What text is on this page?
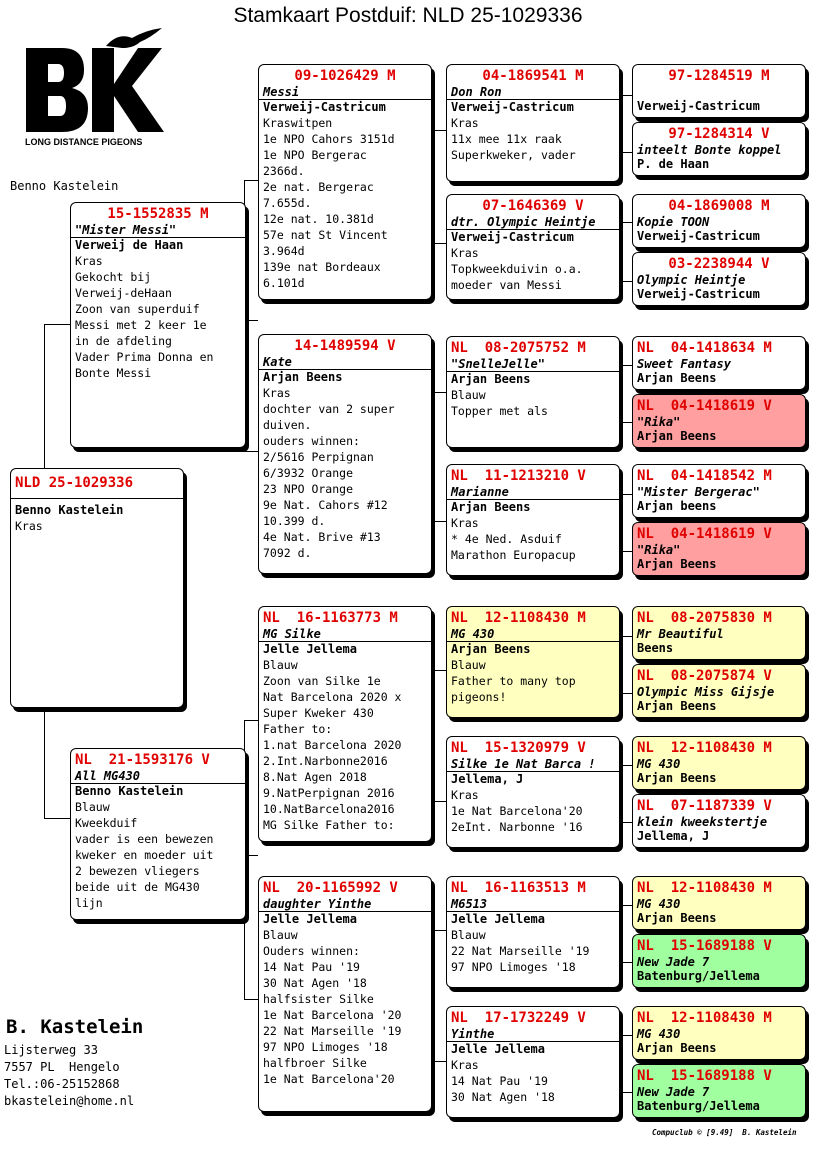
Stamkaart Postduif: NLD 25-1029336
LONG DISTANCE PIGEONS
Benno Kastelein
NLD 25-1029336
Benno Kastelein
Kras
15-1552835 M
"Mister Messi"
Verweij de Haan
Kras
Gekocht bij
Verweij-deHaan
Zoon van superduif
Messi met 2 keer 1e
in de afdeling
Vader Prima Donna en
Bonte Messi
NL  21-1593176 V
All MG430
Benno Kastelein
Blauw
Kweekduif
vader is een bewezen
kweker en moeder uit
2 bewezen vliegers
beide uit de MG430
lijn
09-1026429 M
Messi
Verweij-Castricum
Kraswitpen
1e NPO Cahors 3151d
1e NPO Bergerac
2366d.
2e nat. Bergerac
7.655d.
12e nat. 10.381d
57e nat St Vincent
3.964d
139e nat Bordeaux
6.101d
14-1489594 V
Kate
Arjan Beens
Kras
dochter van 2 super
duiven.
ouders winnen:
2/5616 Perpignan
6/3932 Orange
23 NPO Orange
9e Nat. Cahors #12
10.399 d.
4e Nat. Brive #13
7092 d.
NL  16-1163773 M
MG Silke
Jelle Jellema
Blauw
Zoon van Silke 1e
Nat Barcelona 2020 x
Super Kweker 430
Father to:
1.nat Barcelona 2020
2.Int.Narbonne2016
8.Nat Agen 2018
9.NatPerpignan 2016
10.NatBarcelona2016
MG Silke Father to:
NL  20-1165992 V
daughter Yinthe
Jelle Jellema
Blauw
Ouders winnen:
14 Nat Pau '19
30 Nat Agen '18
halfsister Silke
1e Nat Barcelona '20
22 Nat Marseille '19
97 NPO Limoges '18
halfbroer Silke
1e Nat Barcelona'20
04-1869541 M
Don Ron
Verweij-Castricum
Kras
11x mee 11x raak
Superkweker, vader
07-1646369 V
dtr. Olympic Heintje
Verweij-Castricum
Kras
Topkweekduivin o.a.
moeder van Messi
NL  08-2075752 M
"SnelleJelle"
Arjan Beens
Blauw
Topper met als
NL  11-1213210 V
Marianne
Arjan Beens
Kras
* 4e Ned. Asduif
Marathon Europacup
NL  12-1108430 M
MG 430
Arjan Beens
Blauw
Father to many top
pigeons!
NL  15-1320979 V
Silke 1e Nat Barca !
Jellema, J
Kras
1e Nat Barcelona'20
2eInt. Narbonne '16
NL  16-1163513 M
M6513
Jelle Jellema
Blauw
22 Nat Marseille '19
97 NPO Limoges '18
NL  17-1732249 V
Yinthe
Jelle Jellema
Kras
14 Nat Pau '19
30 Nat Agen '18
97-1284519 M
Verweij-Castricum
97-1284314 V
inteelt Bonte koppel
P. de Haan
04-1869008 M
Kopie TOON
Verweij-Castricum
03-2238944 V
Olympic Heintje
Verweij-Castricum
NL  04-1418634 M
Sweet Fantasy
Arjan Beens
NL  04-1418619 V
"Rika"
Arjan Beens
NL  04-1418542 M
"Mister Bergerac"
Arjan beens
NL  04-1418619 V
"Rika"
Arjan Beens
NL  08-2075830 M
Mr Beautiful
Beens
NL  08-2075874 V
Olympic Miss Gijsje
Arjan Beens
NL  12-1108430 M
MG 430
Arjan Beens
NL  07-1187339 V
klein kweekstertje
Jellema, J
NL  12-1108430 M
MG 430
Arjan Beens
NL  15-1689188 V
New Jade 7
Batenburg/Jellema
NL  12-1108430 M
MG 430
Arjan Beens
NL  15-1689188 V
New Jade 7
Batenburg/Jellema
B. Kastelein
Lijsterweg 33
7557 PL  Hengelo
Tel.:06-25152868
bkastelein@home.nl
Compuclub © [9.49]  B. Kastelein
